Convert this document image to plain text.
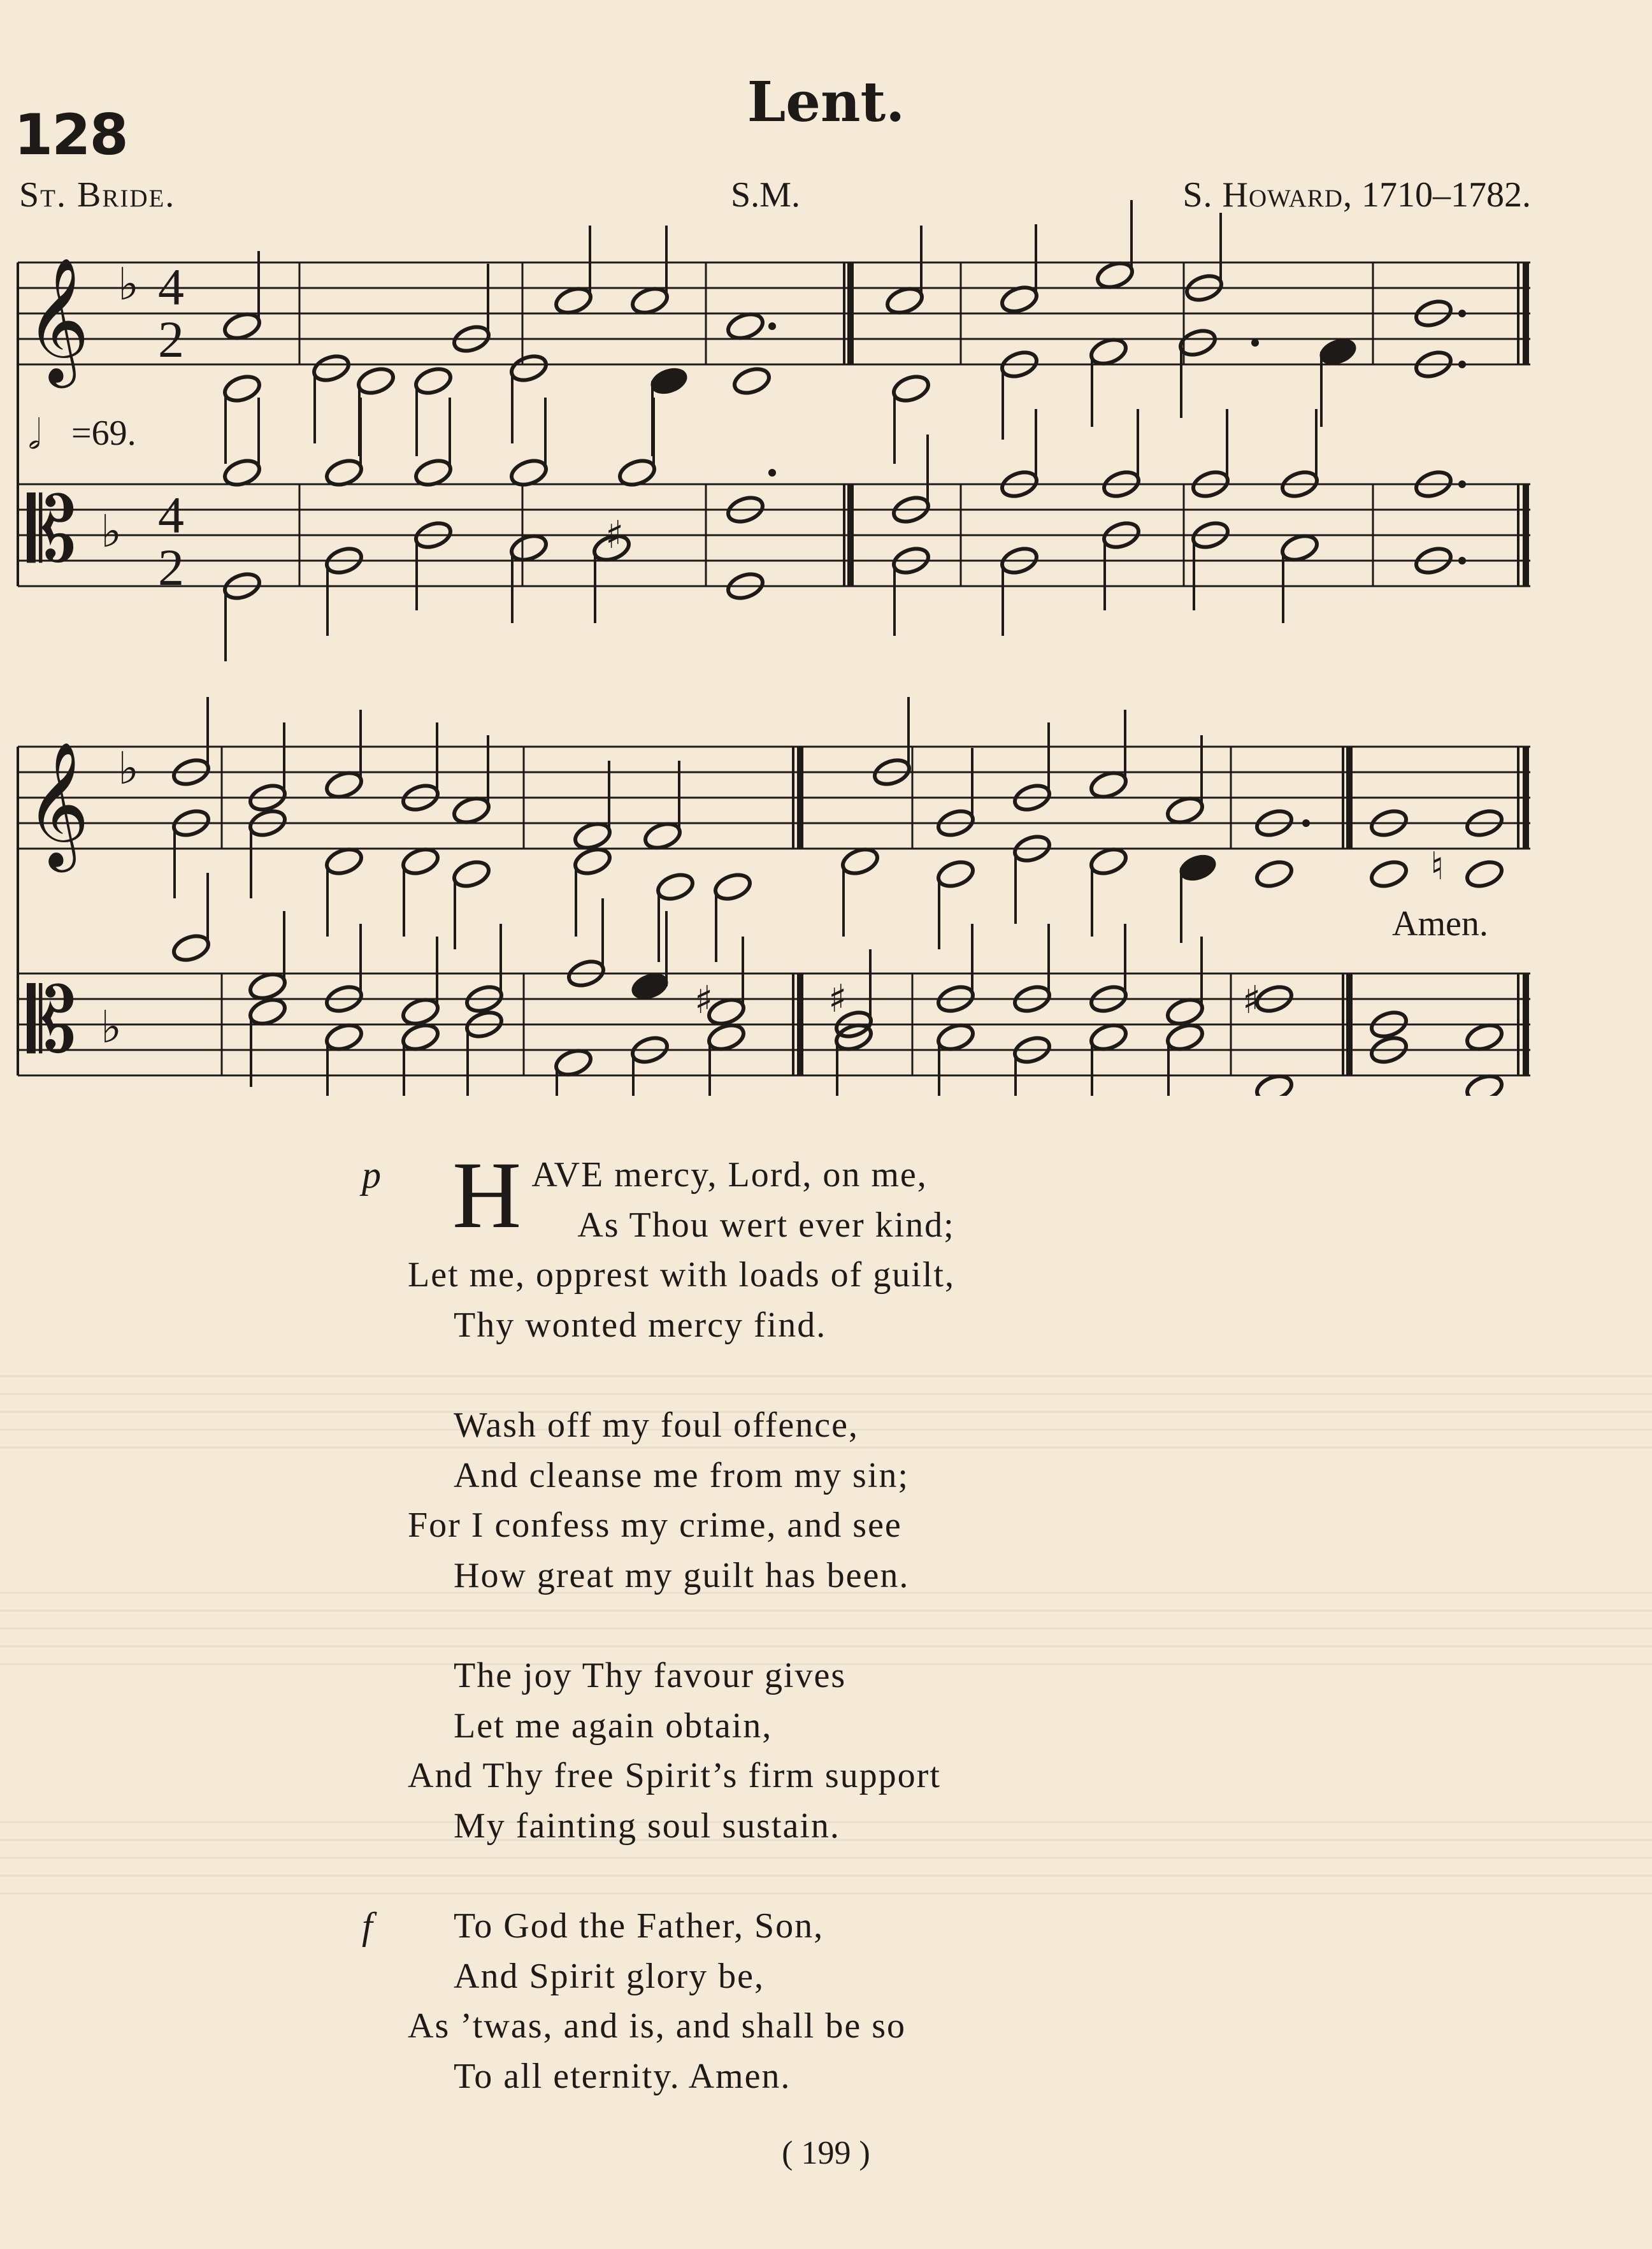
128	Lent.
St. Bride.	S.M.	S. Howard, 1710–1782.
𝄞
𝄞
𝄡
𝄡
♭
♭
♭
♭
4
2
4
2
𝅗𝅥
♯
♯
♯	♯
♮
=69.
Amen.
p H AVE mercy, Lord, on me,
As Thou wert ever kind;
Let me, opprest with loads of guilt,
Thy wonted mercy find.
Wash off my foul offence,
And cleanse me from my sin;
For I confess my crime, and see
How great my guilt has been.
The joy Thy favour gives
Let me again obtain,
And Thy free Spirit’s firm support
My fainting soul sustain.
f	To God the Father, Son,
And Spirit glory be,
As ’twas, and is, and shall be so
To all eternity. Amen.
( 199 )
